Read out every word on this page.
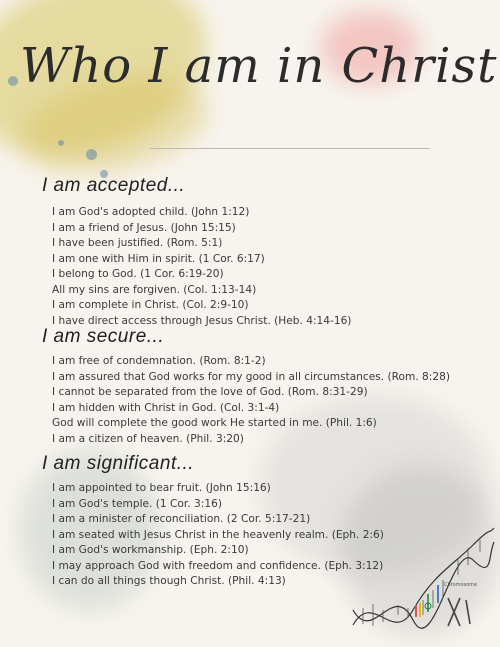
Who I am in Christ
I am accepted...
I am God's adopted child. (John 1:12)
I am a friend of Jesus. (John 15:15)
I have been justified. (Rom. 5:1)
I am one with Him in spirit. (1 Cor. 6:17)
I belong to God. (1 Cor. 6:19-20)
All my sins are forgiven. (Col. 1:13-14)
I am complete in Christ. (Col. 2:9-10)
I have direct access through Jesus Christ. (Heb. 4:14-16)
I am secure...
I am free of condemnation. (Rom. 8:1-2)
I am assured that God works for my good in all circumstances. (Rom. 8:28)
I cannot be separated from the love of God. (Rom. 8:31-29)
I am hidden with Christ in God. (Col. 3:1-4)
God will complete the good work He started in me. (Phil. 1:6)
I am a citizen of heaven. (Phil. 3:20)
I am significant...
I am appointed to bear fruit. (John 15:16)
I am God's temple. (1 Cor. 3:16)
I am a minister of reconciliation. (2 Cor. 5:17-21)
I am seated with Jesus Christ in the heavenly realm. (Eph. 2:6)
I am God's workmanship. (Eph. 2:10)
I may approach God with freedom and confidence. (Eph. 3:12)
I can do all things though Christ. (Phil. 4:13)	Chromosome
